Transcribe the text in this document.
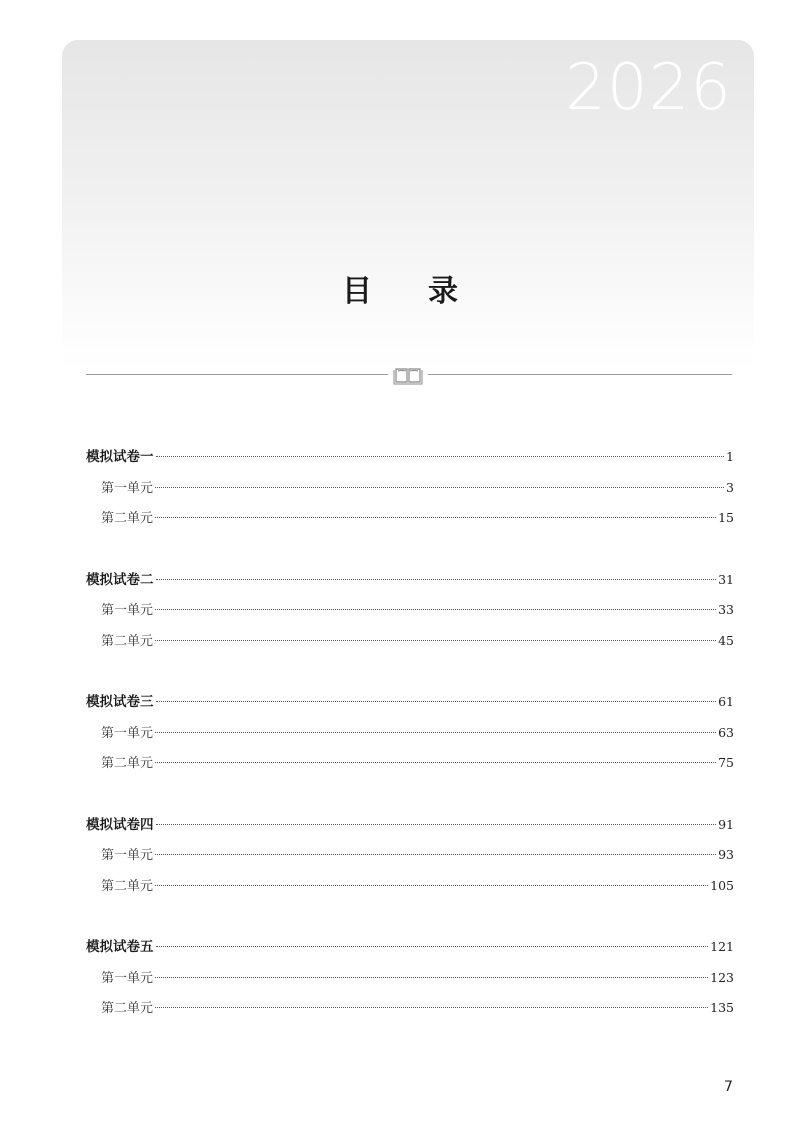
2026
目录
模拟试卷一	1
第一单元	3
第二单元	15
模拟试卷二	31
第一单元	33
第二单元	45
模拟试卷三	61
第一单元	63
第二单元	75
模拟试卷四	91
第一单元	93
第二单元	105
模拟试卷五	121
第一单元	123
第二单元	135
7
